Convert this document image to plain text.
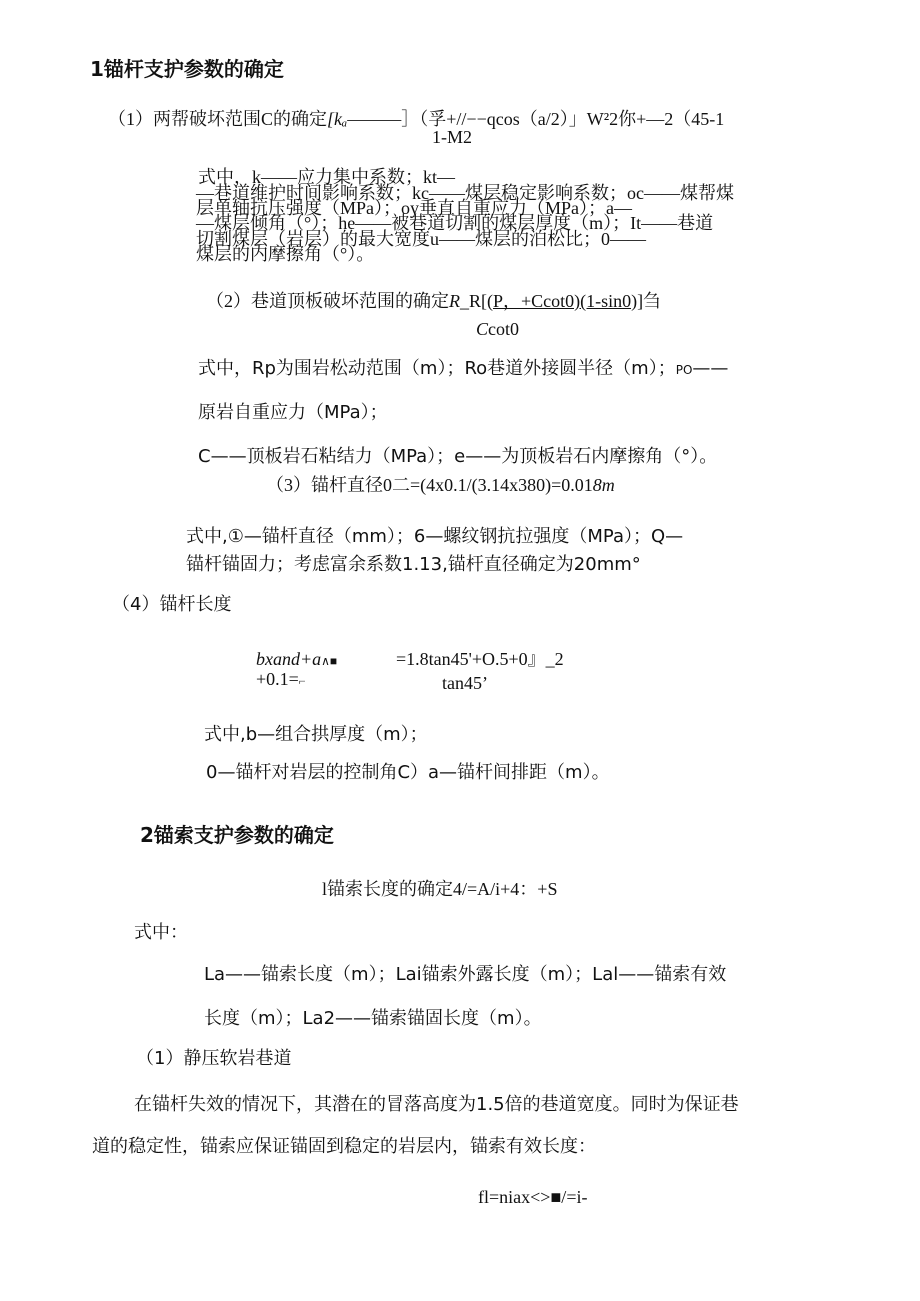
1锚杆支护参数的确定
（1）两帮破坏范围C的确定[kₐ———］（孚+//−−qcos（a/2）」W²2你+—2（45-1
1-M2
式中，k——应力集中系数；kt—
—巷道维护时间影响系数；kc——煤层稳定影响系数；oc——煤帮煤
层单轴抗压强度（MPa）；oy垂直自重应力（MPa）；a—
—煤层倾角（°）；he——被巷道切割的煤层厚度（m）；It——巷道
切割煤层（岩层）的最大宽度u——煤层的泊松比；0——
煤层的内摩擦角（°）。
（2）巷道顶板破坏范围的确定R_R[(P，+Ccot0)(1-sin0)]刍
Ccot0
式中，Rp为围岩松动范围（m）；Ro巷道外接圆半径（m）；PO——
原岩自重应力（MPa）；
C——顶板岩石粘结力（MPa）；e——为顶板岩石内摩擦角（°）。
（3）锚杆直径0二=(4x0.1/(3.14x380)=0.018m
式中,①—锚杆直径（mm）；6—螺纹钢抗拉强度（MPa）；Q—
锚杆锚固力；考虑富余系数1.13,锚杆直径确定为20mm°
（4）锚杆长度
bxand+a∧■	=1.8tan45'+O.5+0』_2
+0.1=⌐	tan45’
式中,b—组合拱厚度（m）；
0—锚杆对岩层的控制角C）a—锚杆间排距（m）。
2锚索支护参数的确定
l锚索长度的确定4/=A/i+4：+S
式中：
La——锚索长度（m）；Lai锚索外露长度（m）；Lal——锚索有效
长度（m）；La2——锚索锚固长度（m）。
（1）静压软岩巷道
在锚杆失效的情况下，其潜在的冒落高度为1.5倍的巷道宽度。同时为保证巷
道的稳定性，锚索应保证锚固到稳定的岩层内，锚索有效长度：
fl=niax<>■/=i-
